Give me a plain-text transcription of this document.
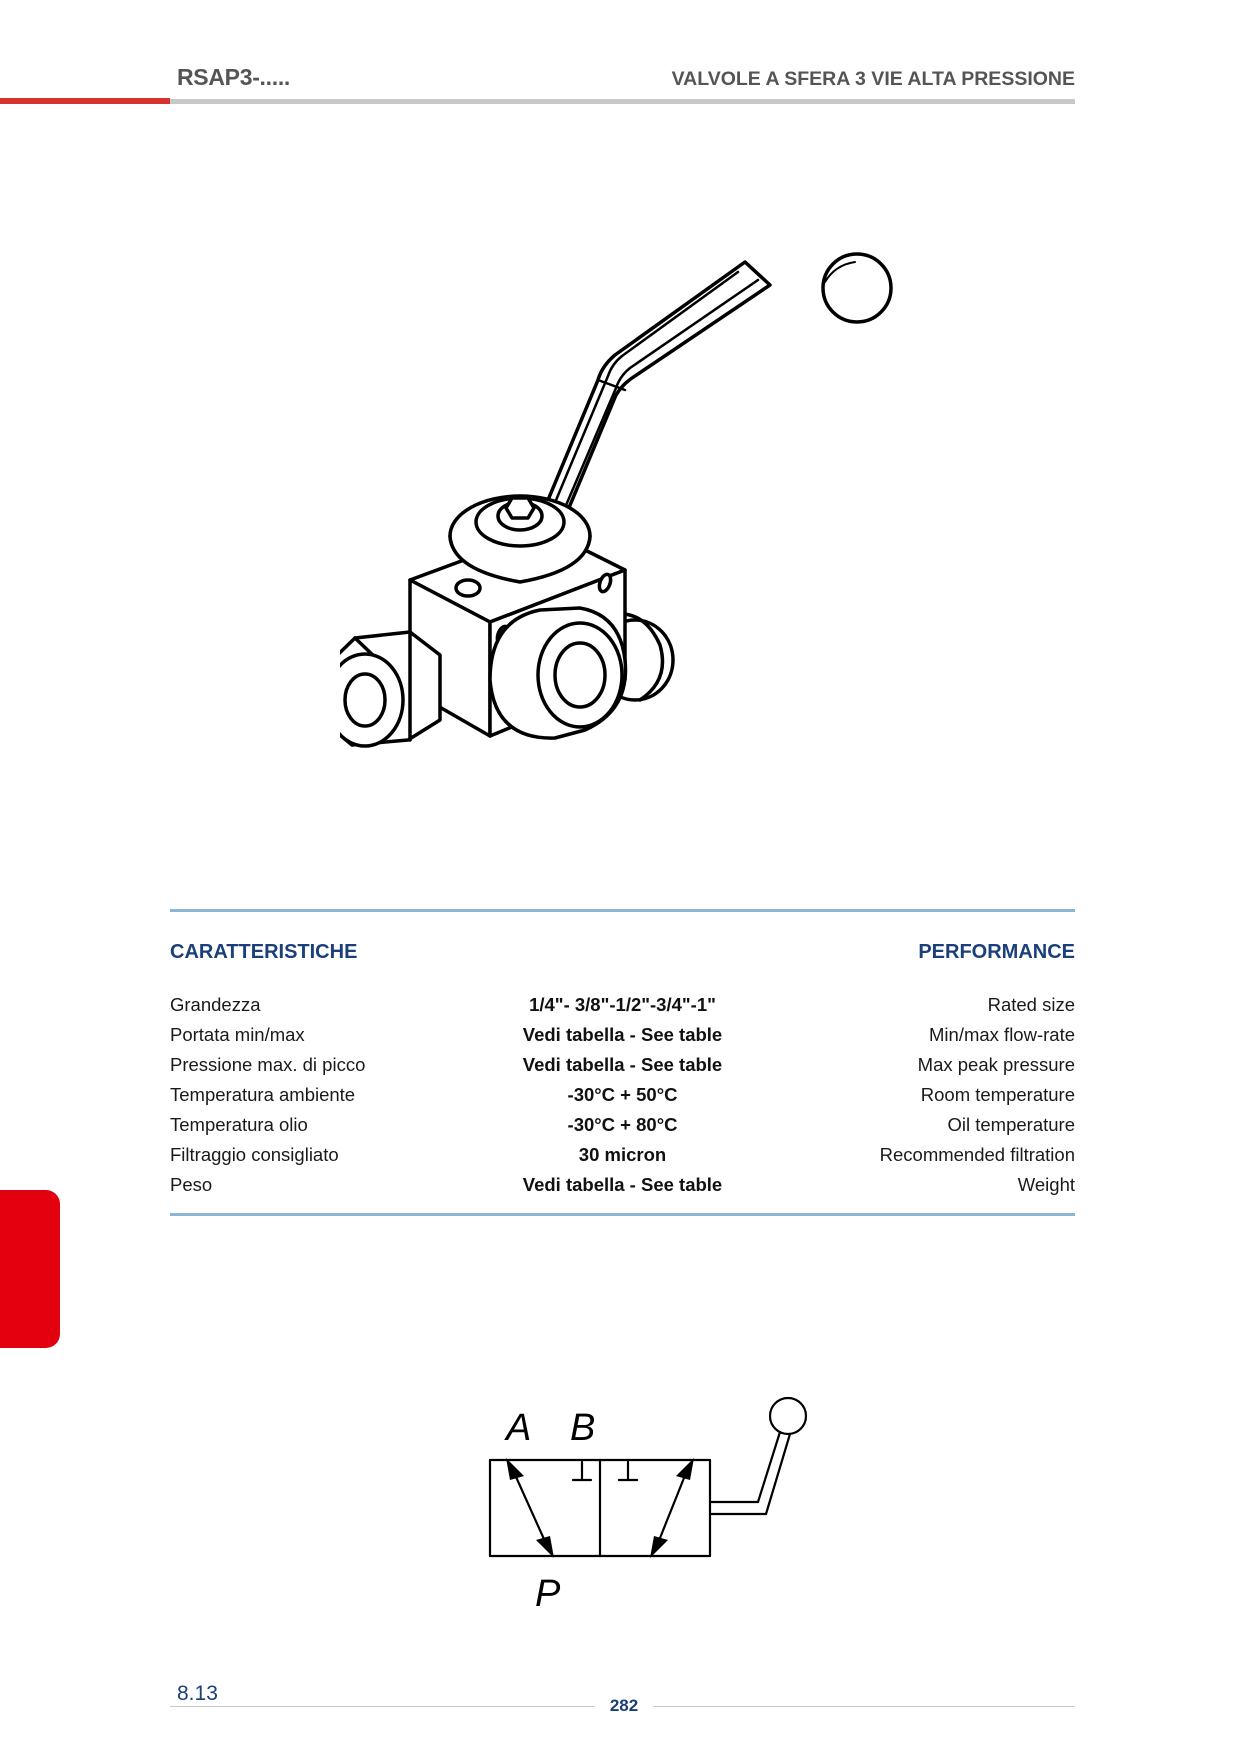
RSAP3-.....	VALVOLE A SFERA 3 VIE ALTA PRESSIONE
CARATTERISTICHE	PERFORMANCE
Grandezza	1/4"- 3/8"-1/2"-3/4"-1"	Rated size
Portata min/max	Vedi tabella - See table	Min/max flow-rate
Pressione max. di picco	Vedi tabella - See table	Max peak pressure
Temperatura ambiente	-30°C + 50°C	Room temperature
Temperatura olio	-30°C + 80°C	Oil temperature
Filtraggio consigliato	30 micron	Recommended filtration
Peso	Vedi tabella - See table	Weight
A B
P
8.13
282
